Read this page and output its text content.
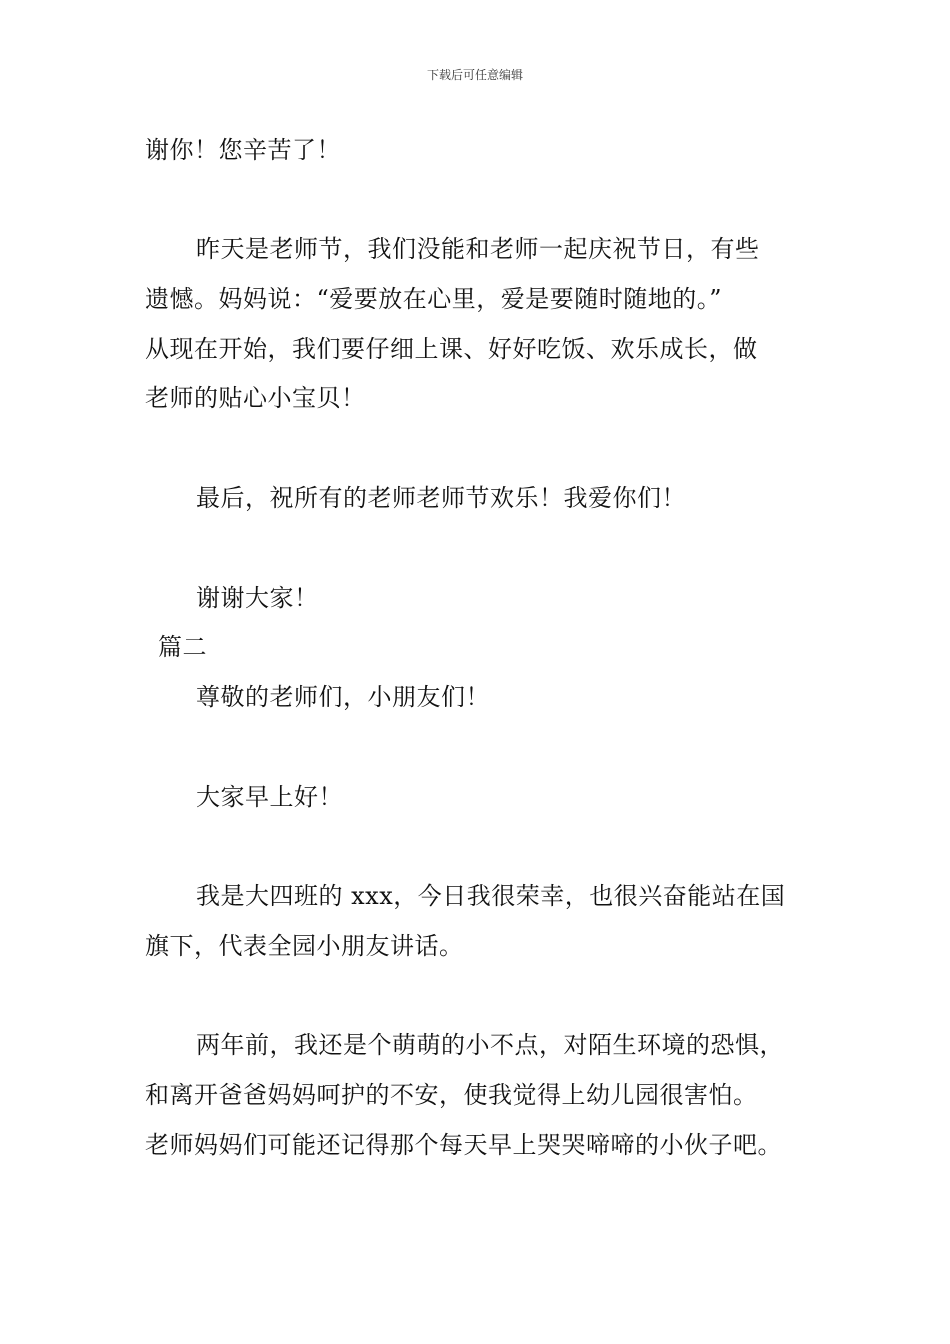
下载后可任意编辑
谢你！您辛苦了！
昨天是老师节，我们没能和老师一起庆祝节日，有些
遗憾。妈妈说：“爱要放在心里，爱是要随时随地的。”
从现在开始，我们要仔细上课、好好吃饭、欢乐成长，做
老师的贴心小宝贝！
最后，祝所有的老师老师节欢乐！我爱你们！
谢谢大家！
篇二
尊敬的老师们，小朋友们！
大家早上好！
我是大四班的 xxx，今日我很荣幸，也很兴奋能站在国
旗下，代表全园小朋友讲话。
两年前，我还是个萌萌的小不点，对陌生环境的恐惧，
和离开爸爸妈妈呵护的不安，使我觉得上幼儿园很害怕。
老师妈妈们可能还记得那个每天早上哭哭啼啼的小伙子吧。
